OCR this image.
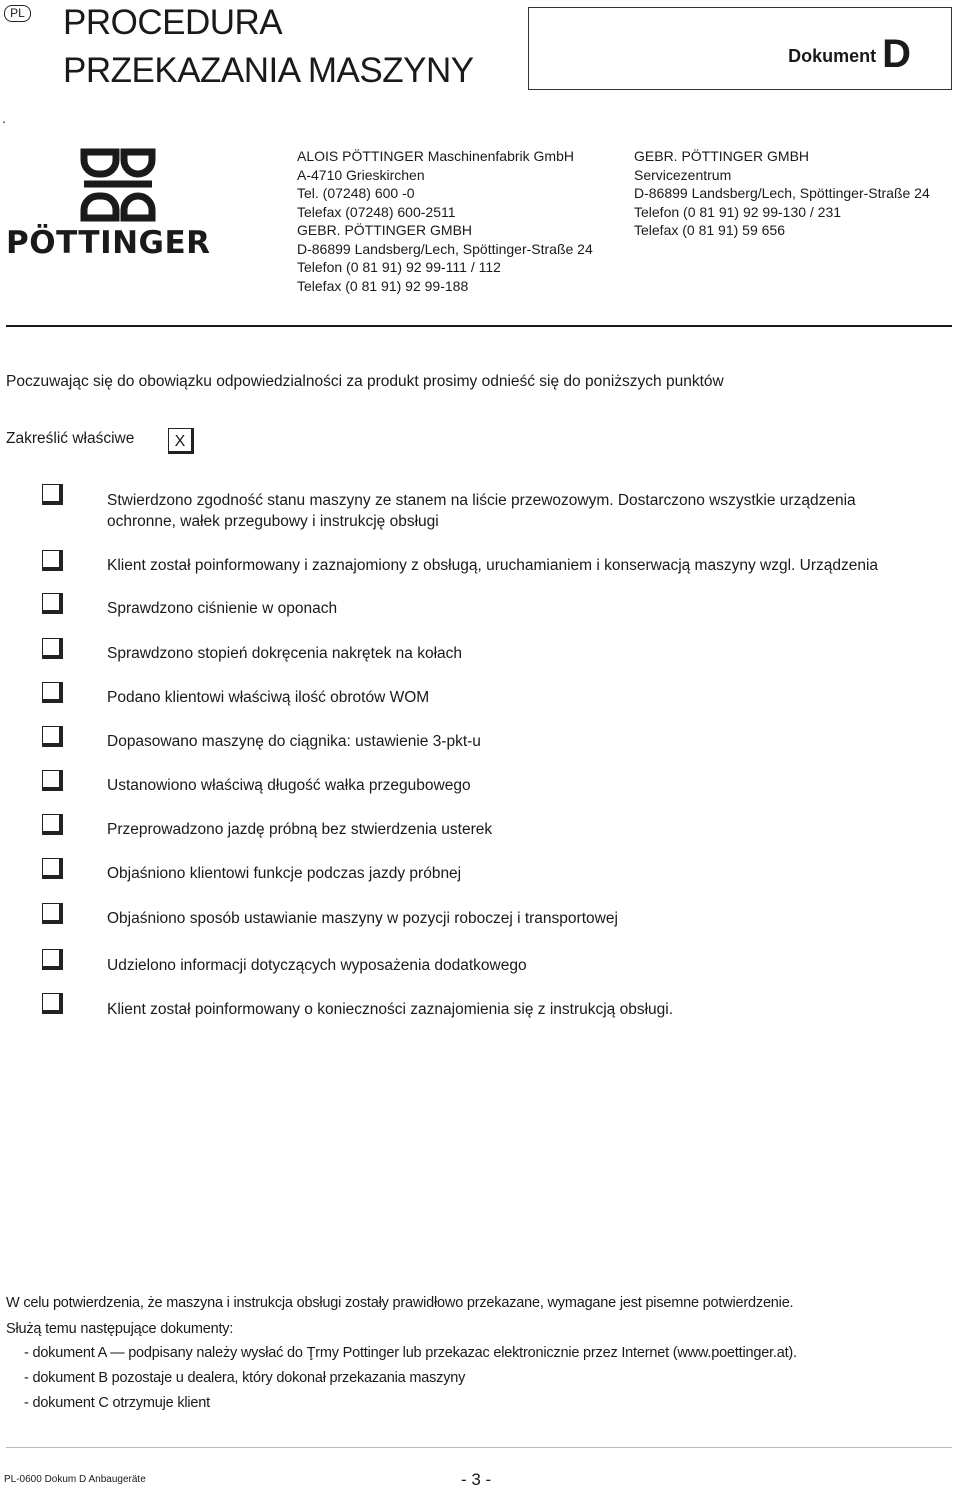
PL PROCEDURA
PRZEKAZANIA MASZYNY	Dokument D
.
PÖTTINGER
ALOIS PÖTTINGER Maschinenfabrik GmbH
A-4710 Grieskirchen
Tel. (07248) 600 -0
Telefax (07248) 600-2511
GEBR. PÖTTINGER GMBH
D-86899 Landsberg/Lech, Spöttinger-Straße 24
Telefon (0 81 91) 92 99-111 / 112
Telefax (0 81 91) 92 99-188
GEBR. PÖTTINGER GMBH
Servicezentrum
D-86899 Landsberg/Lech, Spöttinger-Straße 24
Telefon (0 81 91) 92 99-130 / 231
Telefax (0 81 91) 59 656
Poczuwając się do obowiązku odpowiedzialności za produkt prosimy odnieść się do poniższych punktów
Zakreślić właściwe	X
Stwierdzono zgodność stanu maszyny ze stanem na liście przewozowym. Dostarczono wszystkie urządzenia
ochronne, wałek przegubowy i instrukcję obsługi
Klient został poinformowany i zaznajomiony z obsługą, uruchamianiem i konserwacją maszyny wzgl. Urządzenia
Sprawdzono ciśnienie w oponach
Sprawdzono stopień dokręcenia nakrętek na kołach
Podano klientowi właściwą ilość obrotów WOM
Dopasowano maszynę do ciągnika: ustawienie 3-pkt-u
Ustanowiono właściwą długość wałka przegubowego
Przeprowadzono jazdę próbną bez stwierdzenia usterek
Objaśniono klientowi funkcje podczas jazdy próbnej
Objaśniono sposób ustawianie maszyny w pozycji roboczej i transportowej
Udzielono informacji dotyczących wyposażenia dodatkowego
Klient został poinformowany o konieczności zaznajomienia się z instrukcją obsługi.
W celu potwierdzenia, że maszyna i instrukcja obsługi zostały prawidłowo przekazane, wymagane jest pisemne potwierdzenie.
Służą temu następujące dokumenty:
- dokument A — podpisany należy wysłać do Ţrmy Pottinger lub przekazac elektronicznie przez Internet (www.poettinger.at).
- dokument B pozostaje u dealera, który dokonał przekazania maszyny
- dokument C otrzymuje klient
PL-0600 Dokum D Anbaugeräte	- 3 -
